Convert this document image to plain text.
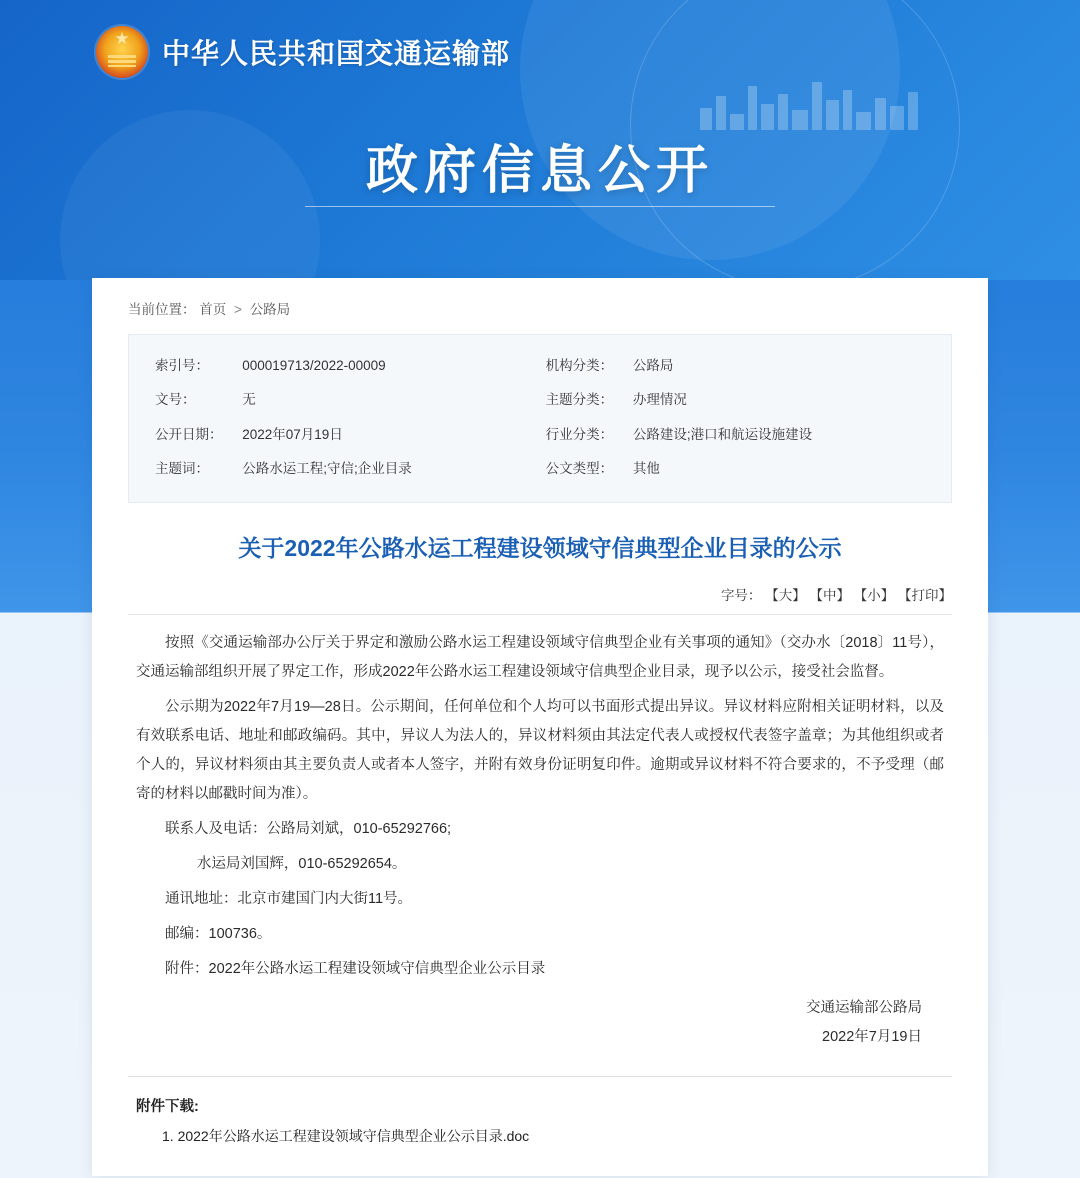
★
中华人民共和国交通运输部
政府信息公开
当前位置： 首页 > 公路局
索引号：	000019713/2022-00009	机构分类：	公路局
文号：	无	主题分类：	办理情况
公开日期：	2022年07月19日	行业分类：	公路建设;港口和航运设施建设
主题词：	公路水运工程;守信;企业目录	公文类型：	其他
关于2022年公路水运工程建设领域守信典型企业目录的公示
字号： 【大】 【中】 【小】 【打印】

按照《交通运输部办公厅关于界定和激励公路水运工程建设领域守信典型企业有关事项的通知》（交办水〔2018〕11号），交通运输部组织开展了界定工作，形成2022年公路水运工程建设领域守信典型企业目录，现予以公示，接受社会监督。

公示期为2022年7月19—28日。公示期间，任何单位和个人均可以书面形式提出异议。异议材料应附相关证明材料，以及有效联系电话、地址和邮政编码。其中，异议人为法人的，异议材料须由其法定代表人或授权代表签字盖章；为其他组织或者个人的，异议材料须由其主要负责人或者本人签字，并附有效身份证明复印件。逾期或异议材料不符合要求的，不予受理（邮寄的材料以邮戳时间为准）。

联系人及电话：公路局刘斌，010-65292766;

水运局刘国辉，010-65292654。

通讯地址：北京市建国门内大街11号。

邮编：100736。

附件：2022年公路水运工程建设领域守信典型企业公示目录

交通运输部公路局
2022年7月19日
附件下载:
1. 2022年公路水运工程建设领域守信典型企业公示目录.doc
